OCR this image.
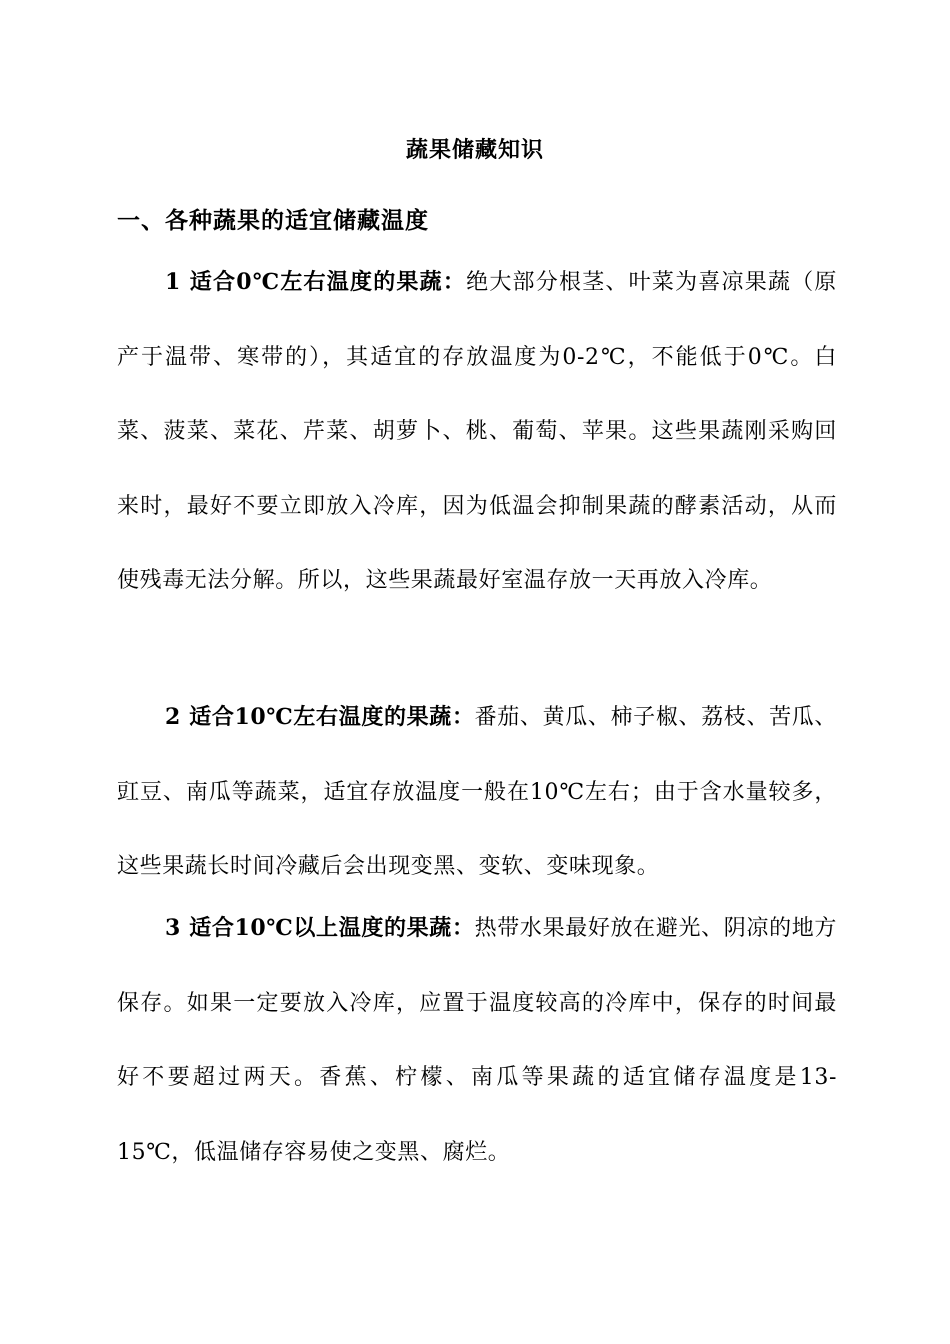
蔬果储藏知识
一、各种蔬果的适宜储藏温度

1 适合0℃左右温度的果蔬：绝大部分根茎、叶菜为喜凉果蔬（原产于温带、寒带的），其适宜的存放温度为0-2℃，不能低于0℃。白菜、菠菜、菜花、芹菜、胡萝卜、桃、葡萄、苹果。这些果蔬刚采购回来时，最好不要立即放入冷库，因为低温会抑制果蔬的酵素活动，从而使残毒无法分解。所以，这些果蔬最好室温存放一天再放入冷库。

2 适合10℃左右温度的果蔬：番茄、黄瓜、柿子椒、荔枝、苦瓜、豇豆、南瓜等蔬菜，适宜存放温度一般在10℃左右；由于含水量较多，这些果蔬长时间冷藏后会出现变黑、变软、变味现象。

3 适合10℃以上温度的果蔬：热带水果最好放在避光、阴凉的地方保存。如果一定要放入冷库，应置于温度较高的冷库中，保存的时间最好不要超过两天。香蕉、柠檬、南瓜等果蔬的适宜储存温度是13-15℃，低温储存容易使之变黑、腐烂。
